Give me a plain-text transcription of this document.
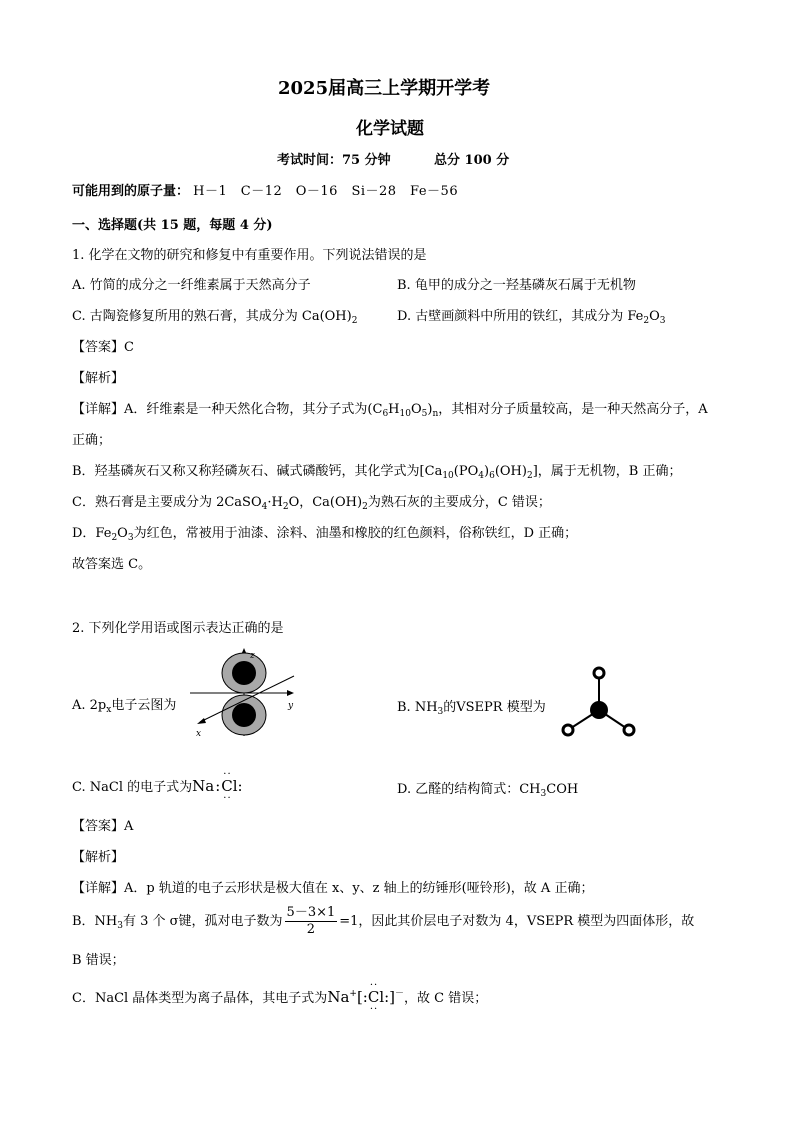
2025届高三上学期开学考
化学试题
考试时间：75 分钟	总分 100 分
可能用到的原子量： H－1　C－12　O－16　Si－28　Fe－56
一、选择题(共 15 题，每题 4 分)
1. 化学在文物的研究和修复中有重要作用。下列说法错误的是
A. 竹简的成分之一纤维素属于天然高分子	B. 龟甲的成分之一羟基磷灰石属于无机物
C. 古陶瓷修复所用的熟石膏，其成分为 $Ca(OH)_2$	D. 古壁画颜料中所用的铁红，其成分为 $Fe_2O_3$
【答案】C
【解析】
【详解】A．纤维素是一种天然化合物，其分子式为$(C_6H_{10}O_5)_n$，其相对分子质量较高，是一种天然高分子，A
正确；
B．羟基磷灰石又称又称羟磷灰石、碱式磷酸钙，其化学式为$[Ca_{10}(PO_4)_6(OH)_2]$，属于无机物，B 正确；
C．熟石膏是主要成分为 $2CaSO_4\cdot H_2O$，$Ca(OH)_2$为熟石灰的主要成分，C 错误；
D．$Fe_2O_3$为红色，常被用于油漆、涂料、油墨和橡胶的红色颜料，俗称铁红，D 正确；
故答案选 C。
2. 下列化学用语或图示表达正确的是
A. $2p_x$电子云图为
z
y
x
B. $NH_3$的VSEPR 模型为
C. NaCl 的电子式为Na:
··
Cl
··
:	D. 乙醛的结构简式：$CH_3COH$
【答案】A
【解析】
【详解】A．p 轨道的电子云形状是极大值在 x、y、z 轴上的纺锤形(哑铃形)，故 A 正确；
B．$NH_3$有 3 个 σ键，孤对电子数为 $\frac{5-3\times 1}{2} =1$，因此其价层电子对数为 4，VSEPR 模型为四面体形，故
B 错误；
C．NaCl 晶体类型为离子晶体，其电子式为Na+[:
··
Cl
··
:]－，故 C 错误；
